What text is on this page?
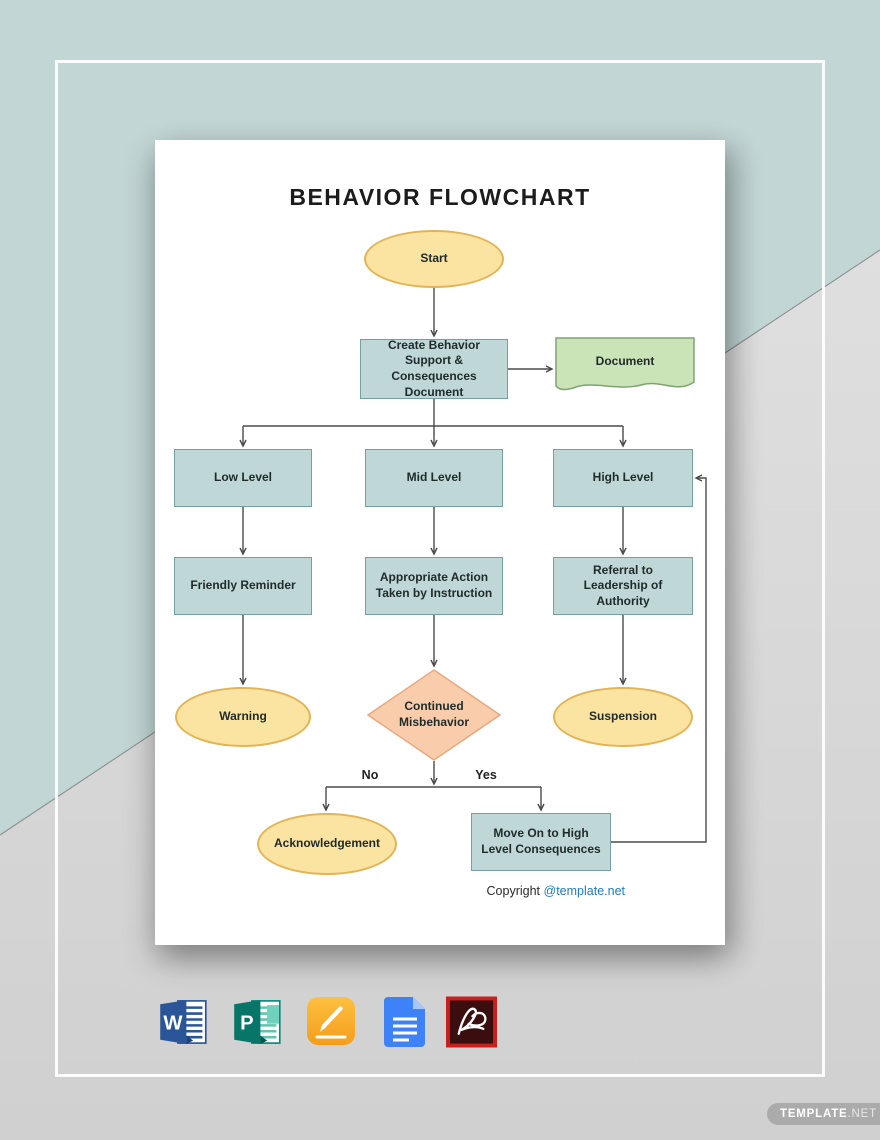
BEHAVIOR FLOWCHART
Start
Create Behavior Support & Consequences Document
Document
Low Level	Mid Level	High Level
Friendly Reminder
Appropriate Action Taken by Instruction
Referral to Leadership of Authority
Warning
Continued Misbehavior	Suspension
No	Yes
Acknowledgement
Move On to High Level Consequences
Copyright @template.net
W P
TEMPLATE.NET
